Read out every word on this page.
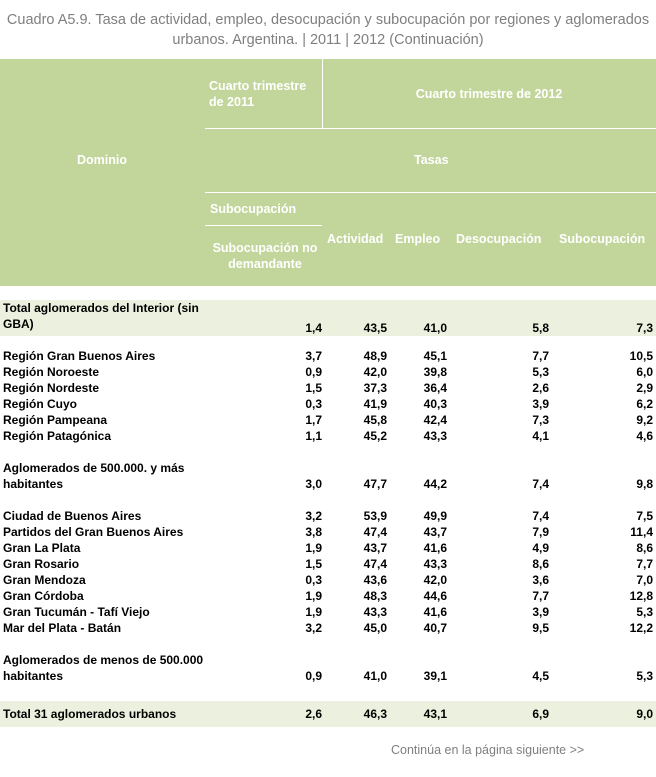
Cuadro A5.9. Tasa de actividad, empleo, desocupación y subocupación por regiones y aglomerados
urbanos. Argentina. | 2011 | 2012 (Continuación)
Dominio
Cuarto trimestre de 2011
Cuarto trimestre de 2012
Tasas
Subocupación
Subocupación no demandante
Actividad Empleo Desocupación Subocupación
Total aglomerados del Interior (sin
GBA)	1,4	43,5	41,0	5,8	7,3
Región Gran Buenos Aires	3,7	48,9	45,1	7,7	10,5
Región Noroeste	0,9	42,0	39,8	5,3	6,0
Región Nordeste	1,5	37,3	36,4	2,6	2,9
Región Cuyo	0,3	41,9	40,3	3,9	6,2
Región Pampeana	1,7	45,8	42,4	7,3	9,2
Región Patagónica	1,1	45,2	43,3	4,1	4,6
Aglomerados de 500.000. y más
habitantes	3,0	47,7	44,2	7,4	9,8
Ciudad de Buenos Aires	3,2	53,9	49,9	7,4	7,5
Partidos del Gran Buenos Aires	3,8	47,4	43,7	7,9	11,4
Gran La Plata	1,9	43,7	41,6	4,9	8,6
Gran Rosario	1,5	47,4	43,3	8,6	7,7
Gran Mendoza	0,3	43,6	42,0	3,6	7,0
Gran Córdoba	1,9	48,3	44,6	7,7	12,8
Gran Tucumán - Tafí Viejo	1,9	43,3	41,6	3,9	5,3
Mar del Plata - Batán	3,2	45,0	40,7	9,5	12,2
Aglomerados de menos de 500.000
habitantes	0,9	41,0	39,1	4,5	5,3
Total 31 aglomerados urbanos	2,6	46,3	43,1	6,9	9,0
Continúa en la página siguiente >>
